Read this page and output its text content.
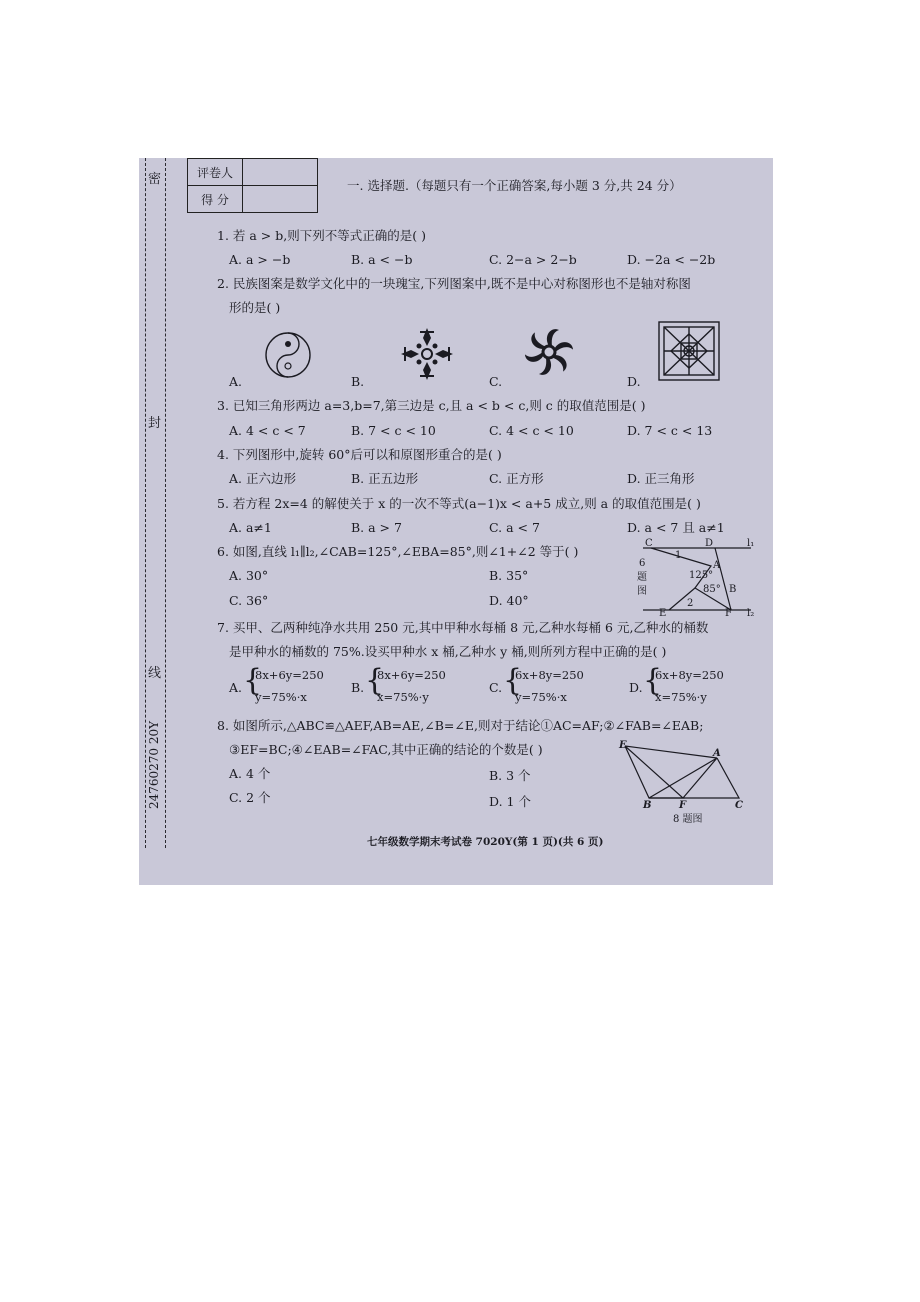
密
封
线
24760270 20Y
评卷人	
得 分	
一. 选择题.（每题只有一个正确答案,每小题 3 分,共 24 分）
1. 若 a > b,则下列不等式正确的是( )
A. a > −b	B. a < −b	C. 2−a > 2−b	D. −2a < −2b
2. 民族图案是数学文化中的一块瑰宝,下列图案中,既不是中心对称图形也不是轴对称图
形的是( )
A.	B.	C.	D.
3. 已知三角形两边 a=3,b=7,第三边是 c,且 a < b < c,则 c 的取值范围是( )
A. 4 < c < 7	B. 7 < c < 10	C. 4 < c < 10	D. 7 < c < 13
4. 下列图形中,旋转 60°后可以和原图形重合的是( )
A. 正六边形	B. 正五边形	C. 正方形	D. 正三角形
5. 若方程 2x=4 的解使关于 x 的一次不等式(a−1)x < a+5 成立,则 a 的取值范围是( )
A. a≠1	B. a > 7	C. a < 7	D. a < 7 且 a≠1
6. 如图,直线 l₁∥l₂,∠CAB=125°,∠EBA=85°,则∠1+∠2 等于( )
A. 30°	B. 35°
C. 36°	D. 40°
C	D	l₁
1
A
125°
B
85°
2
E	F l₂
6
题
图
7. 买甲、乙两种纯净水共用 250 元,其中甲种水每桶 8 元,乙种水每桶 6 元,乙种水的桶数
是甲种水的桶数的 75%.设买甲种水 x 桶,乙种水 y 桶,则所列方程中正确的是( )
A. {
8x+6y=250
y=75%·x
B. {
8x+6y=250
x=75%·y
C. {
6x+8y=250
y=75%·x
D. {
6x+8y=250
x=75%·y
8. 如图所示,△ABC≌△AEF,AB=AE,∠B=∠E,则对于结论①AC=AF;②∠FAB=∠EAB;
③EF=BC;④∠EAB=∠FAC,其中正确的结论的个数是( )
A. 4 个	B. 3 个
C. 2 个	D. 1 个
E
A
B	F	C
8 题图
七年级数学期末考试卷 7020Y(第 1 页)(共 6 页)
